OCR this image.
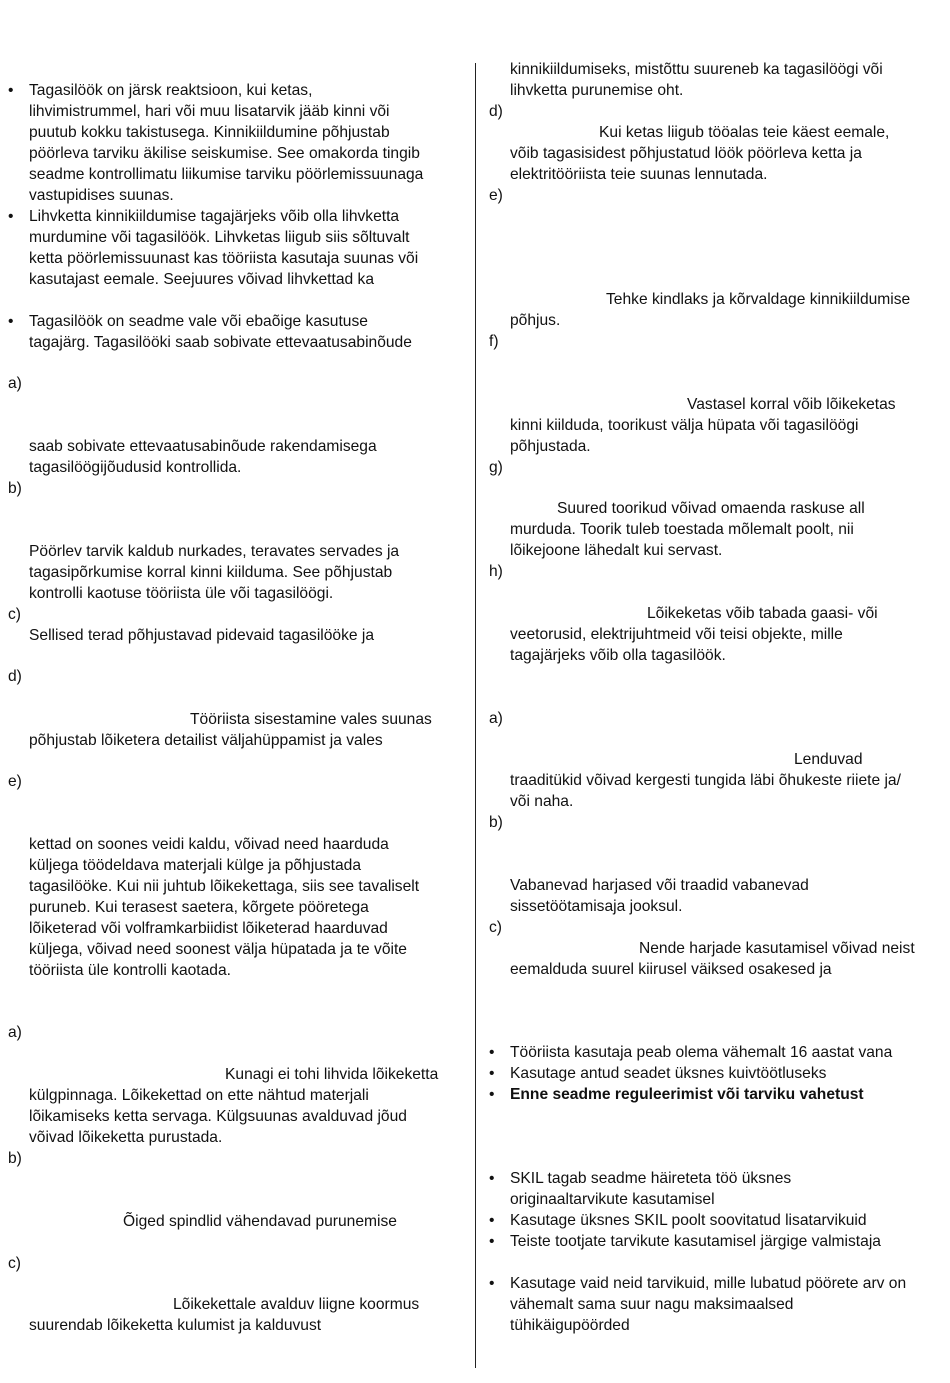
Tagasilöök on järsk reaktsioon, kui ketas,
lihvimistrummel, hari või muu lisatarvik jääb kinni või
puutub kokku takistusega. Kinnikiildumine põhjustab
pöörleva tarviku äkilise seiskumise. See omakorda tingib
seadme kontrollimatu liikumise tarviku pöörlemissuunaga
vastupidises suunas.
Lihvketta kinnikiildumise tagajärjeks võib olla lihvketta
murdumine või tagasilöök. Lihvketas liigub siis sõltuvalt
ketta pöörlemissuunast kas tööriista kasutaja suunas või
kasutajast eemale. Seejuures võivad lihvkettad ka
Tagasilöök on seadme vale või ebaõige kasutuse
tagajärg. Tagasilööki saab sobivate ettevaatusabinõude
a)
saab sobivate ettevaatusabinõude rakendamisega
tagasilöögijõudusid kontrollida.
b)
Pöörlev tarvik kaldub nurkades, teravates servades ja
tagasipõrkumise korral kinni kiilduma. See põhjustab
kontrolli kaotuse tööriista üle või tagasilöögi.
c)
Sellised terad põhjustavad pidevaid tagasilööke ja
d)
Tööriista sisestamine vales suunas
põhjustab lõiketera detailist väljahüppamist ja vales
e)
kettad on soones veidi kaldu, võivad need haarduda
küljega töödeldava materjali külge ja põhjustada
tagasilööke. Kui nii juhtub lõikekettaga, siis see tavaliselt
puruneb. Kui terasest saetera, kõrgete pööretega
lõiketerad või volframkarbiidist lõiketerad haarduvad
küljega, võivad need soonest välja hüpatada ja te võite
tööriista üle kontrolli kaotada.
a)
Kunagi ei tohi lihvida lõikeketta
külgpinnaga. Lõikekettad on ette nähtud materjali
lõikamiseks ketta servaga. Külgsuunas avalduvad jõud
võivad lõikeketta purustada.
b)
Õiged spindlid vähendavad purunemise
c)
Lõikekettale avalduv liigne koormus
suurendab lõikeketta kulumist ja kalduvust
kinnikiildumiseks, mistõttu suureneb ka tagasilöögi või
lihvketta purunemise oht.
d)
Kui ketas liigub tööalas teie käest eemale,
võib tagasisidest põhjustatud löök pöörleva ketta ja
elektritööriista teie suunas lennutada.
e)
Tehke kindlaks ja kõrvaldage kinnikiildumise
põhjus.
f)
Vastasel korral võib lõikeketas
kinni kiilduda, toorikust välja hüpata või tagasilöögi
põhjustada.
g)
Suured toorikud võivad omaenda raskuse all
murduda. Toorik tuleb toestada mõlemalt poolt, nii
lõikejoone lähedalt kui servast.
h)
Lõikeketas võib tabada gaasi- või
veetorusid, elektrijuhtmeid või teisi objekte, mille
tagajärjeks võib olla tagasilöök.
a)
Lenduvad
traaditükid võivad kergesti tungida läbi õhukeste riiete ja/
või naha.
b)
Vabanevad harjased või traadid vabanevad
sissetöötamisaja jooksul.
c)
Nende harjade kasutamisel võivad neist
eemalduda suurel kiirusel väiksed osakesed ja
Tööriista kasutaja peab olema vähemalt 16 aastat vana
Kasutage antud seadet üksnes kuivtöötluseks
Enne seadme reguleerimist või tarviku vahetust
SKIL tagab seadme häireteta töö üksnes
originaaltarvikute kasutamisel
Kasutage üksnes SKIL poolt soovitatud lisatarvikuid
Teiste tootjate tarvikute kasutamisel järgige valmistaja
Kasutage vaid neid tarvikuid, mille lubatud pöörete arv on
vähemalt sama suur nagu maksimaalsed
tühikäigupöörded
•
•
•
•
•
•
•
•
•
•
